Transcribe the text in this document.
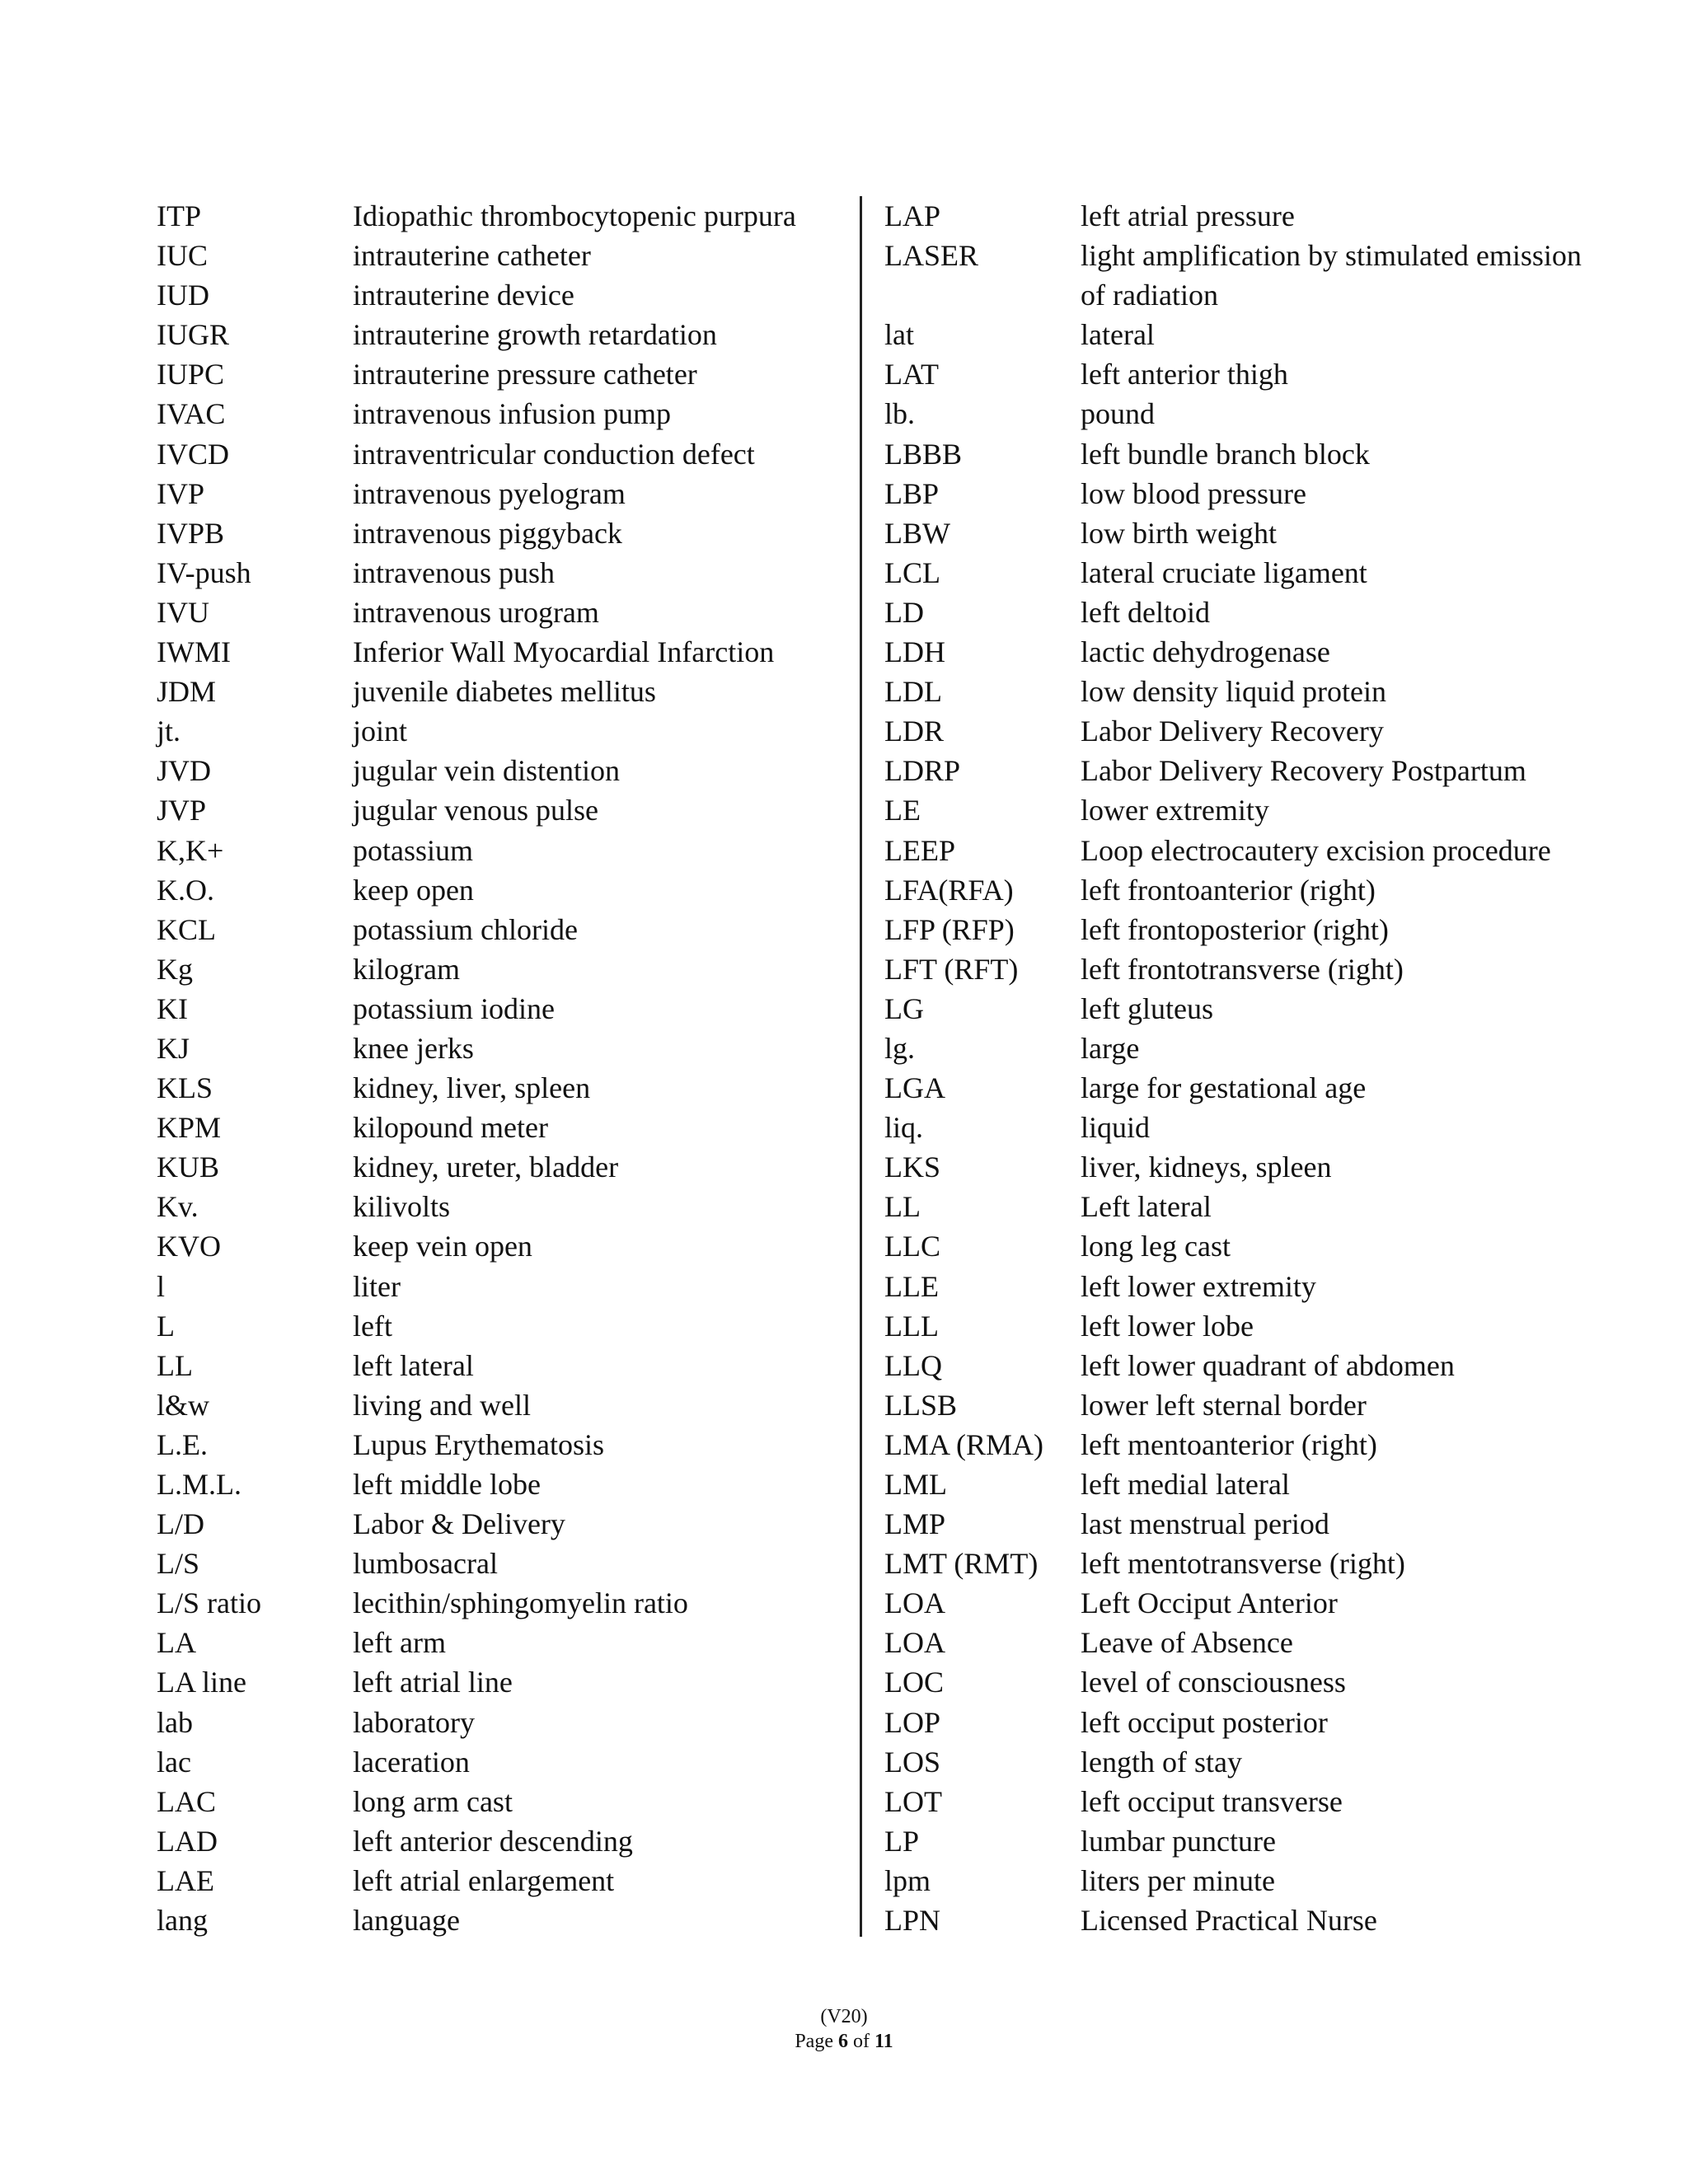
ITP	Idiopathic thrombocytopenic purpura
IUC	intrauterine catheter
IUD	intrauterine device
IUGR	intrauterine growth retardation
IUPC	intrauterine pressure catheter
IVAC	intravenous infusion pump
IVCD	intraventricular conduction defect
IVP	intravenous pyelogram
IVPB	intravenous piggyback
IV-push	intravenous push
IVU	intravenous urogram
IWMI	Inferior Wall Myocardial Infarction
JDM	juvenile diabetes mellitus
jt.	joint
JVD	jugular vein distention
JVP	jugular venous pulse
K,K+	potassium
K.O.	keep open
KCL	potassium chloride
Kg	kilogram
KI	potassium iodine
KJ	knee jerks
KLS	kidney, liver, spleen
KPM	kilopound meter
KUB	kidney, ureter, bladder
Kv.	kilivolts
KVO	keep vein open
l	liter
L	left
LL	left lateral
l&w	living and well
L.E.	Lupus Erythematosis
L.M.L.	left middle lobe
L/D	Labor & Delivery
L/S	lumbosacral
L/S ratio	lecithin/sphingomyelin ratio
LA	left arm
LA line	left atrial line
lab	laboratory
lac	laceration
LAC	long arm cast
LAD	left anterior descending
LAE	left atrial enlargement
lang	language
LAP	left atrial pressure
LASER	light amplification by stimulated emission
of radiation
lat	lateral
LAT	left anterior thigh
lb.	pound
LBBB	left bundle branch block
LBP	low blood pressure
LBW	low birth weight
LCL	lateral cruciate ligament
LD	left deltoid
LDH	lactic dehydrogenase
LDL	low density liquid protein
LDR	Labor Delivery Recovery
LDRP	Labor Delivery Recovery Postpartum
LE	lower extremity
LEEP	Loop electrocautery excision procedure
LFA(RFA)	left frontoanterior (right)
LFP (RFP)	left frontoposterior (right)
LFT (RFT)	left frontotransverse (right)
LG	left gluteus
lg.	large
LGA	large for gestational age
liq.	liquid
LKS	liver, kidneys, spleen
LL	Left lateral
LLC	long leg cast
LLE	left lower extremity
LLL	left lower lobe
LLQ	left lower quadrant of abdomen
LLSB	lower left sternal border
LMA (RMA)	left mentoanterior (right)
LML	left medial lateral
LMP	last menstrual period
LMT (RMT)	left mentotransverse (right)
LOA	Left Occiput Anterior
LOA	Leave of Absence
LOC	level of consciousness
LOP	left occiput posterior
LOS	length of stay
LOT	left occiput transverse
LP	lumbar puncture
lpm	liters per minute
LPN	Licensed Practical Nurse
(V20)
Page 6 of 11
